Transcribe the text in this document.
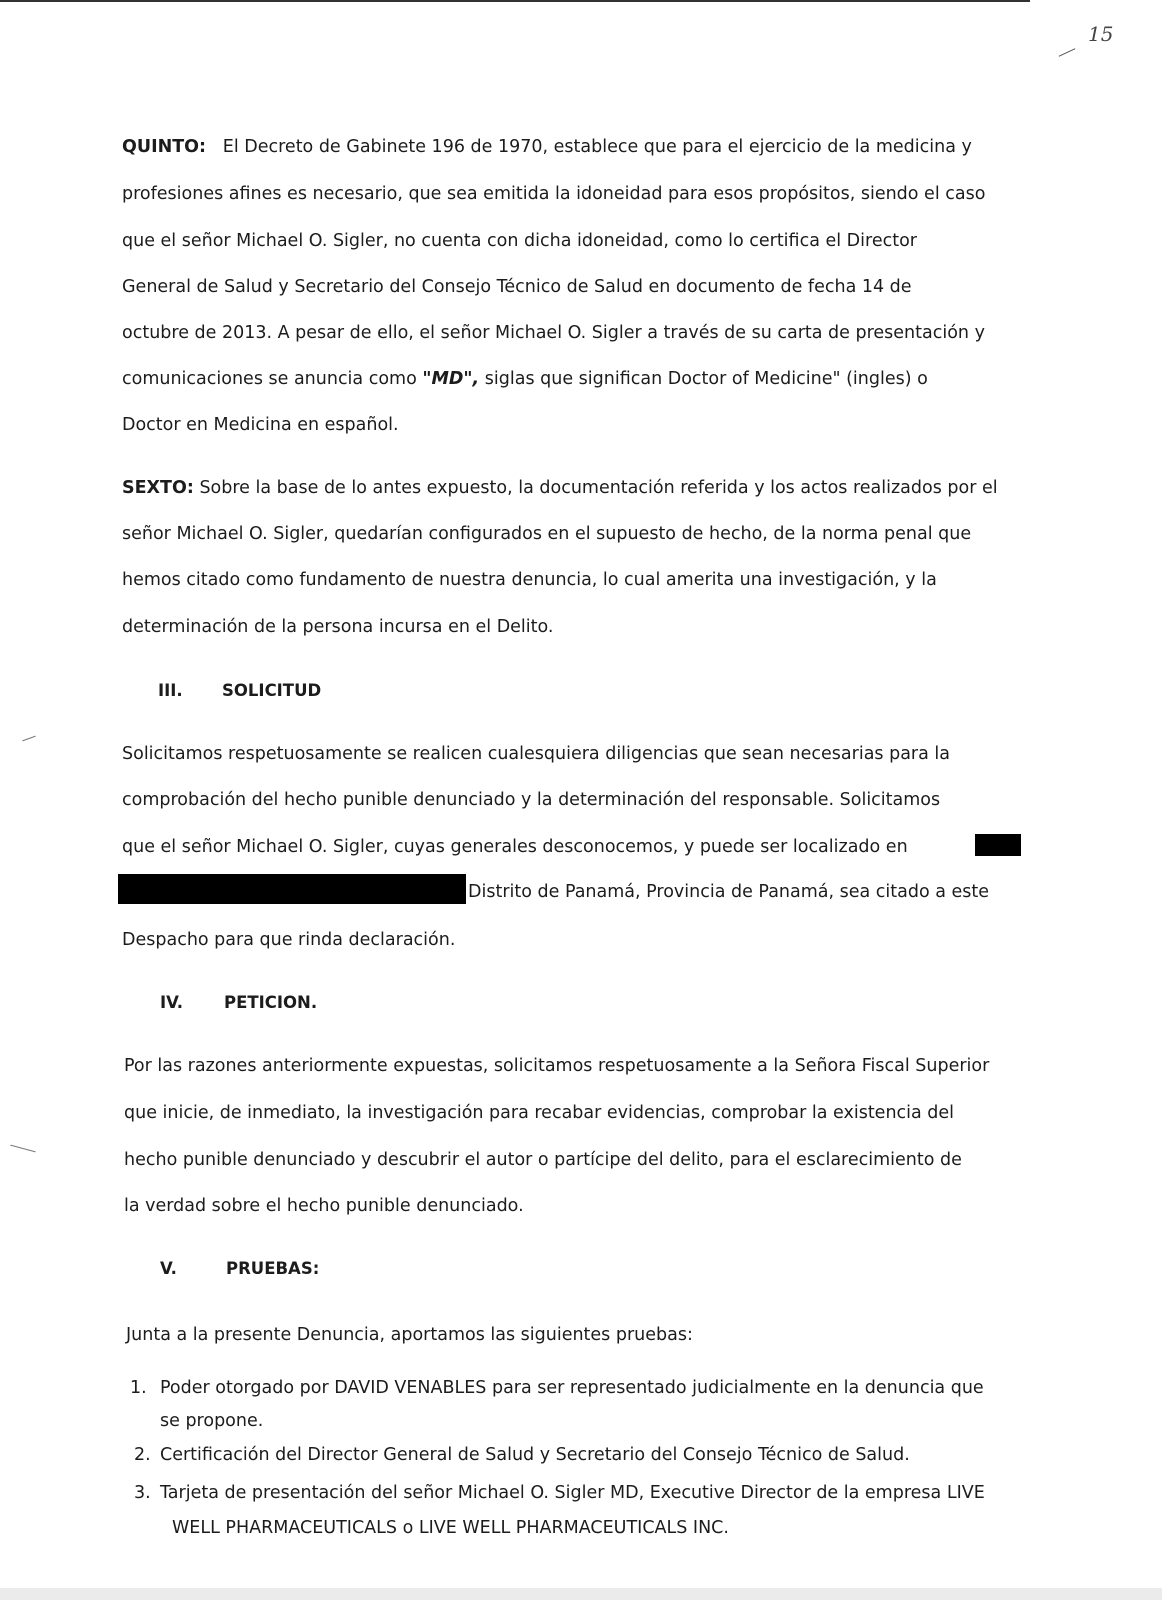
15
QUINTO: El Decreto de Gabinete 196 de 1970, establece que para el ejercicio de la medicina y
profesiones afines es necesario, que sea emitida la idoneidad para esos propósitos, siendo el caso
que el señor Michael O. Sigler, no cuenta con dicha idoneidad, como lo certifica el Director
General de Salud y Secretario del Consejo Técnico de Salud en documento de fecha 14 de
octubre de 2013. A pesar de ello, el señor Michael O. Sigler a través de su carta de presentación y
comunicaciones se anuncia como "MD", siglas que significan Doctor of Medicine" (ingles) o
Doctor en Medicina en español.
SEXTO: Sobre la base de lo antes expuesto, la documentación referida y los actos realizados por el
señor Michael O. Sigler, quedarían configurados en el supuesto de hecho, de la norma penal que
hemos citado como fundamento de nuestra denuncia, lo cual amerita una investigación, y la
determinación de la persona incursa en el Delito.
III. SOLICITUD
Solicitamos respetuosamente se realicen cualesquiera diligencias que sean necesarias para la
comprobación del hecho punible denunciado y la determinación del responsable. Solicitamos
que el señor Michael O. Sigler, cuyas generales desconocemos, y puede ser localizado en
Distrito de Panamá, Provincia de Panamá, sea citado a este
Despacho para que rinda declaración.
IV. PETICION.
Por las razones anteriormente expuestas, solicitamos respetuosamente a la Señora Fiscal Superior
que inicie, de inmediato, la investigación para recabar evidencias, comprobar la existencia del
hecho punible denunciado y descubrir el autor o partícipe del delito, para el esclarecimiento de
la verdad sobre el hecho punible denunciado.
V.	PRUEBAS:
Junta a la presente Denuncia, aportamos las siguientes pruebas:
1. Poder otorgado por DAVID VENABLES para ser representado judicialmente en la denuncia que
se propone.
2. Certificación del Director General de Salud y Secretario del Consejo Técnico de Salud.
3. Tarjeta de presentación del señor Michael O. Sigler MD, Executive Director de la empresa LIVE
WELL PHARMACEUTICALS o LIVE WELL PHARMACEUTICALS INC.
